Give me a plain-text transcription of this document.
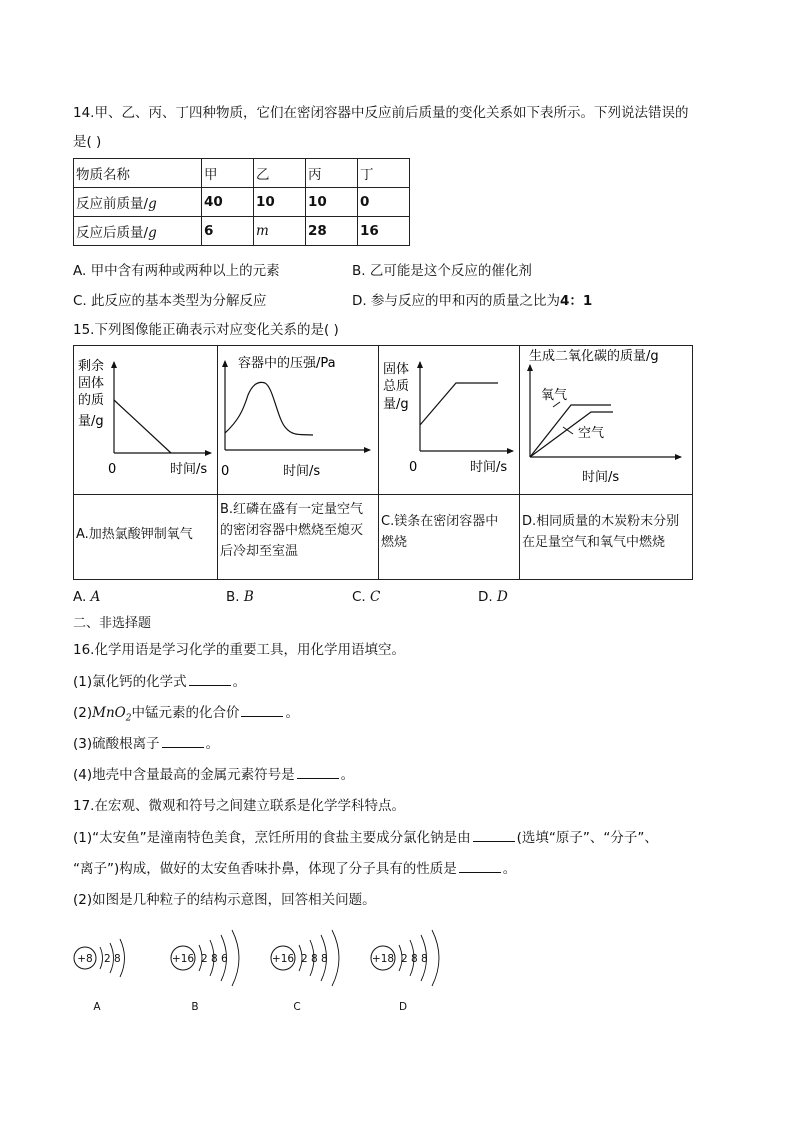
14.甲、乙、丙、丁四种物质，它们在密闭容器中反应前后质量的变化关系如下表所示。下列说法错误的
是( )
物质名称	甲	乙	丙	丁
反应前质量/g	40	10	10	0
反应后质量/g	6	m	28	16
A. 甲中含有两种或两种以上的元素	B. 乙可能是这个反应的催化剂
C. 此反应的基本类型为分解反应	D. 参与反应的甲和丙的质量之比为4：1
15.下列图像能正确表示对应变化关系的是( )
剩余
固体
的质
量/g
0	时间/s
容器中的压强/Pa
0	时间/s
固体
总质
量/g
0	时间/s
生成二氧化碳的质量/g
氧气
空气
时间/s
A.加热氯酸钾制氧气
B.红磷在盛有一定量空气
的密闭容器中燃烧至熄灭
后冷却至室温
C.镁条在密闭容器中
燃烧
D.相同质量的木炭粉末分别
在足量空气和氧气中燃烧
A. A	B. B	C. C	D. D
二、非选择题
16.化学用语是学习化学的重要工具，用化学用语填空。
(1)氯化钙的化学式	。
(2)MnO$_2$中锰元素的化合价	。
(3)硫酸根离子	。
(4)地壳中含量最高的金属元素符号是	。
17.在宏观、微观和符号之间建立联系是化学学科特点。
(1)“太安鱼”是潼南特色美食，烹饪所用的食盐主要成分氯化钠是由	(选填“原子”、“分子”、
“离子”)构成，做好的太安鱼香味扑鼻，体现了分子具有的性质是	。
(2)如图是几种粒子的结构示意图，回答相关问题。
+8 2 8
A
+16 2 8 6
B
+16 2 8 8
C
+18 2 8 8
D
